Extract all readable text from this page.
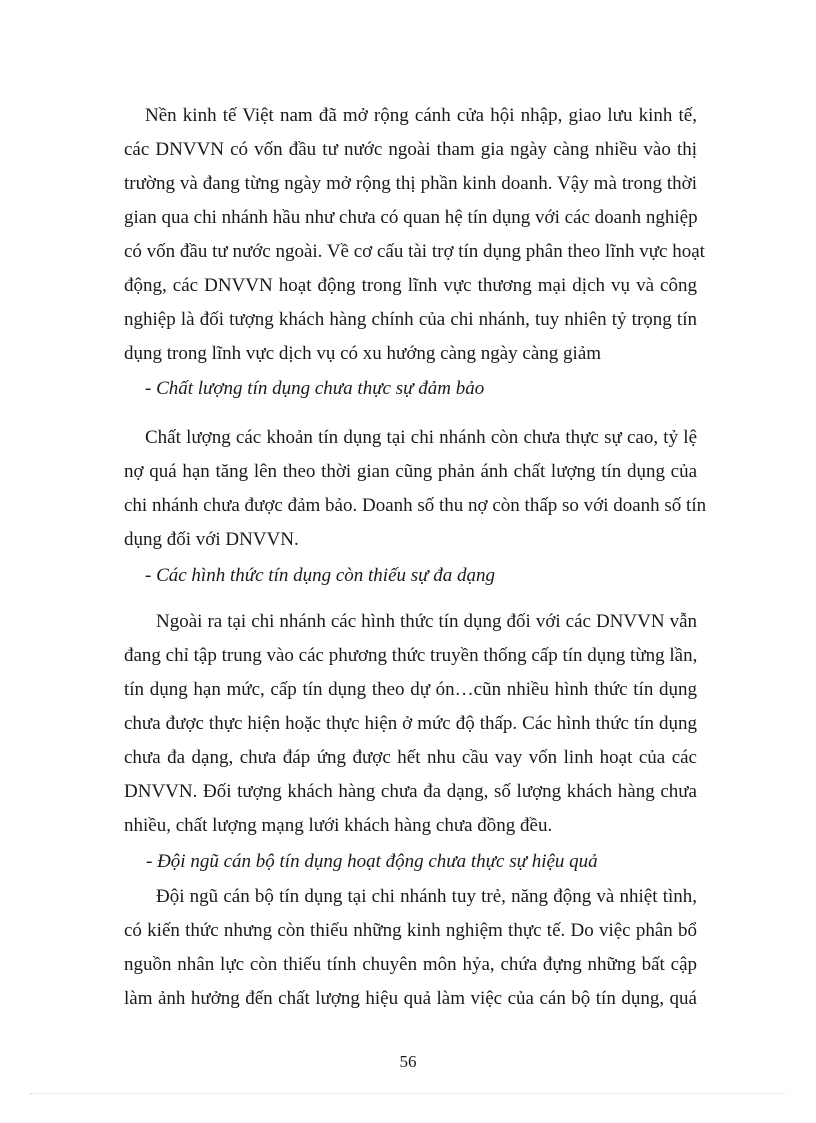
Nền kinh tế Việt nam đã mở rộng cánh cửa hội nhập, giao lưu kinh tế,
các DNVVN có vốn đầu tư nước ngoài tham gia ngày càng nhiều vào thị
trường và đang từng ngày mở rộng thị phần kinh doanh. Vậy mà trong thời
gian qua chi nhánh hầu như chưa có quan hệ tín dụng với các doanh nghiệp
có vốn đầu tư nước ngoài. Về cơ cấu tài trợ tín dụng phân theo lĩnh vực hoạt
động, các DNVVN hoạt động trong lĩnh vực thương mại dịch vụ và công
nghiệp là đối tượng khách hàng chính của chi nhánh, tuy nhiên tỷ trọng tín
dụng trong lĩnh vực dịch vụ có xu hướng càng ngày càng giảm
- Chất lượng tín dụng chưa thực sự đảm bảo
Chất lượng các khoản tín dụng tại chi nhánh còn chưa thực sự cao, tỷ lệ
nợ quá hạn tăng lên theo thời gian cũng phản ánh chất lượng tín dụng của
chi nhánh chưa được đảm bảo. Doanh số thu nợ còn thấp so với doanh số tín
dụng đối với DNVVN.
- Các hình thức tín dụng còn thiếu sự đa dạng
Ngoài ra tại chi nhánh các hình thức tín dụng đối với các DNVVN vẫn
đang chỉ tập trung vào các phương thức truyền thống cấp tín dụng từng lần,
tín dụng hạn mức, cấp tín dụng theo dự ón…cũn nhiều hình thức tín dụng
chưa được thực hiện hoặc thực hiện ở mức độ thấp. Các hình thức tín dụng
chưa đa dạng, chưa đáp ứng được hết nhu cầu vay vốn linh hoạt của các
DNVVN. Đối tượng khách hàng chưa đa dạng, số lượng khách hàng chưa
nhiều, chất lượng mạng lưới khách hàng chưa đồng đều.
- Đội ngũ cán bộ tín dụng hoạt động chưa thực sự hiệu quả
Đội ngũ cán bộ tín dụng tại chi nhánh tuy trẻ, năng động và nhiệt tình,
có kiến thức nhưng còn thiếu những kinh nghiệm thực tế. Do việc phân bổ
nguồn nhân lực còn thiếu tính chuyên môn hỷa, chứa đựng những bất cập
làm ảnh hưởng đến chất lượng hiệu quả làm việc của cán bộ tín dụng, quá
56
